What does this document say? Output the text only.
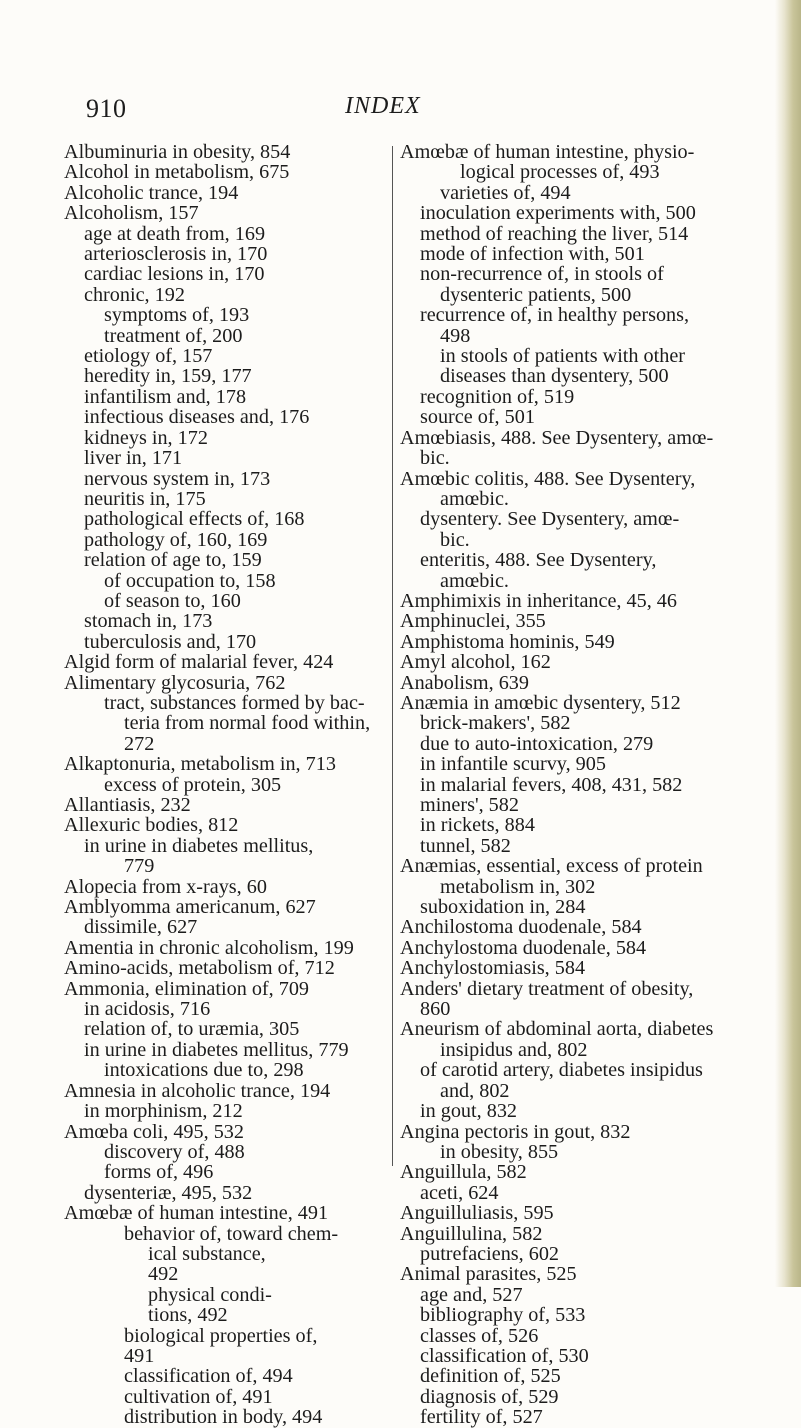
910	INDEX

Albuminuria in obesity, 854

Alcohol in metabolism, 675

Alcoholic trance, 194

Alcoholism, 157

age at death from, 169

arteriosclerosis in, 170

cardiac lesions in, 170

chronic, 192

symptoms of, 193

treatment of, 200

etiology of, 157

heredity in, 159, 177

infantilism and, 178

infectious diseases and, 176

kidneys in, 172

liver in, 171

nervous system in, 173

neuritis in, 175

pathological effects of, 168

pathology of, 160, 169

relation of age to, 159

of occupation to, 158

of season to, 160

stomach in, 173

tuberculosis and, 170

Algid form of malarial fever, 424

Alimentary glycosuria, 762

tract, substances formed by bac-

teria from normal food within,

272

Alkaptonuria, metabolism in, 713

excess of protein, 305

Allantiasis, 232

Allexuric bodies, 812

in urine in diabetes mellitus,

779

Alopecia from x-rays, 60

Amblyomma americanum, 627

dissimile, 627

Amentia in chronic alcoholism, 199

Amino-acids, metabolism of, 712

Ammonia, elimination of, 709

in acidosis, 716

relation of, to uræmia, 305

in urine in diabetes mellitus, 779

intoxications due to, 298

Amnesia in alcoholic trance, 194

in morphinism, 212

Amœba coli, 495, 532

discovery of, 488

forms of, 496

dysenteriæ, 495, 532

Amœbæ of human intestine, 491

behavior of, toward chem-

ical substance,

492

physical condi-

tions, 492

biological properties of,

491

classification of, 494

cultivation of, 491

distribution in body, 494

Amœbæ of human intestine, physio-

logical processes of, 493

varieties of, 494

inoculation experiments with, 500

method of reaching the liver, 514

mode of infection with, 501

non-recurrence of, in stools of

dysenteric patients, 500

recurrence of, in healthy persons,

498

in stools of patients with other

diseases than dysentery, 500

recognition of, 519

source of, 501

Amœbiasis, 488. See Dysentery, amœ-

bic.

Amœbic colitis, 488. See Dysentery,

amœbic.

dysentery. See Dysentery, amœ-

bic.

enteritis, 488. See Dysentery,

amœbic.

Amphimixis in inheritance, 45, 46

Amphinuclei, 355

Amphistoma hominis, 549

Amyl alcohol, 162

Anabolism, 639

Anæmia in amœbic dysentery, 512

brick-makers', 582

due to auto-intoxication, 279

in infantile scurvy, 905

in malarial fevers, 408, 431, 582

miners', 582

in rickets, 884

tunnel, 582

Anæmias, essential, excess of protein

metabolism in, 302

suboxidation in, 284

Anchilostoma duodenale, 584

Anchylostoma duodenale, 584

Anchylostomiasis, 584

Anders' dietary treatment of obesity,

860

Aneurism of abdominal aorta, diabetes

insipidus and, 802

of carotid artery, diabetes insipidus

and, 802

in gout, 832

Angina pectoris in gout, 832

in obesity, 855

Anguillula, 582

aceti, 624

Anguilluliasis, 595

Anguillulina, 582

putrefaciens, 602

Animal parasites, 525

age and, 527

bibliography of, 533

classes of, 526

classification of, 530

definition of, 525

diagnosis of, 529

fertility of, 527
